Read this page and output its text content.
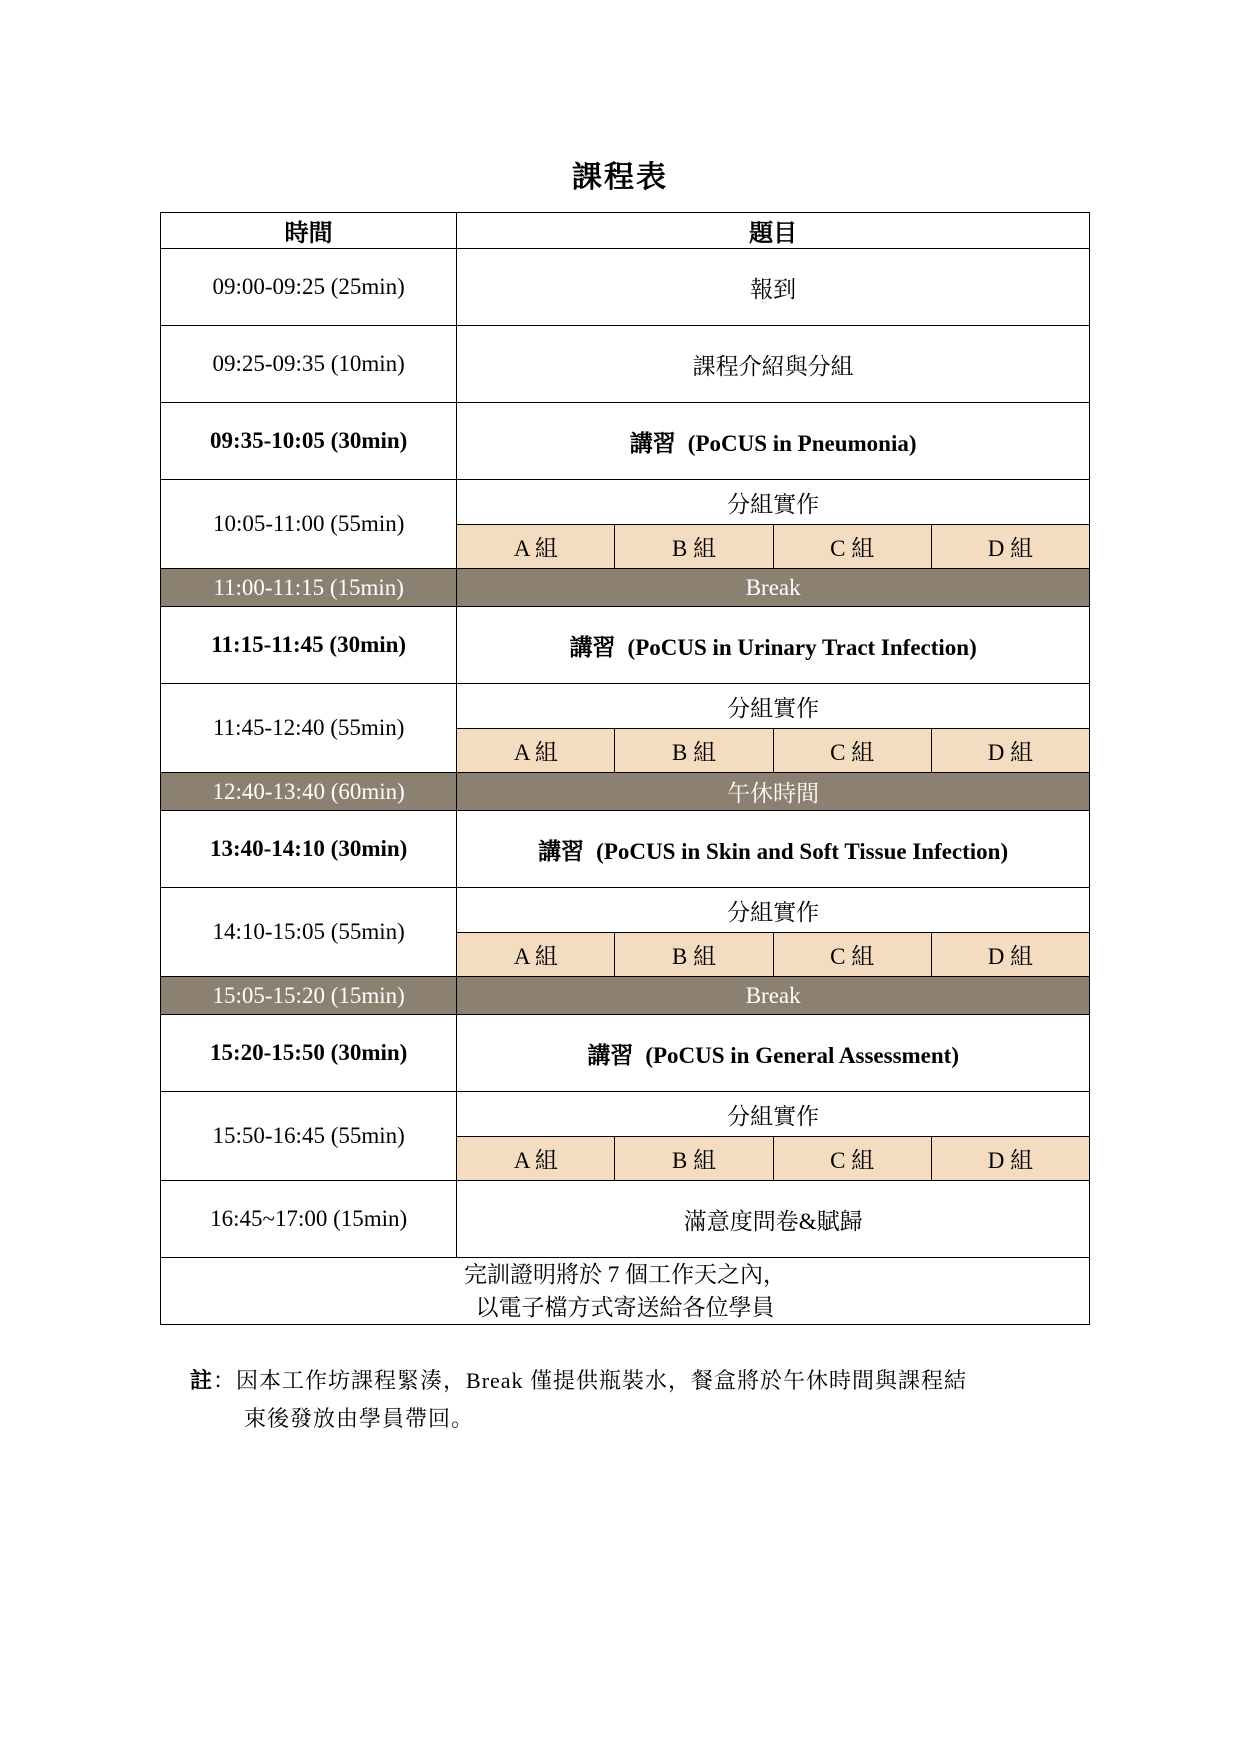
課程表
時間	題目			
09:00-09:25 (25min)	報到			
09:25-09:35 (10min)	課程介紹與分組			
09:35-10:05 (30min)	講習 (PoCUS in Pneumonia)			
10:05-11:00 (55min)	分組實作			
	A 組	B 組	C 組	D 組
11:00-11:15 (15min)	Break			
11:15-11:45 (30min)	講習 (PoCUS in Urinary Tract Infection)			
11:45-12:40 (55min)	分組實作			
	A 組	B 組	C 組	D 組
12:40-13:40 (60min)	午休時間			
13:40-14:10 (30min)	講習 (PoCUS in Skin and Soft Tissue Infection)			
14:10-15:05 (55min)	分組實作			
	A 組	B 組	C 組	D 組
15:05-15:20 (15min)	Break			
15:20-15:50 (30min)	講習 (PoCUS in General Assessment)			
15:50-16:45 (55min)	分組實作			
	A 組	B 組	C 組	D 組
16:45~17:00 (15min)	滿意度問卷&賦歸			
完訓證明將於 7 個工作天之內，
以電子檔方式寄送給各位學員				
註：因本工作坊課程緊湊，Break 僅提供瓶裝水，餐盒將於午休時間與課程結
束後發放由學員帶回。
